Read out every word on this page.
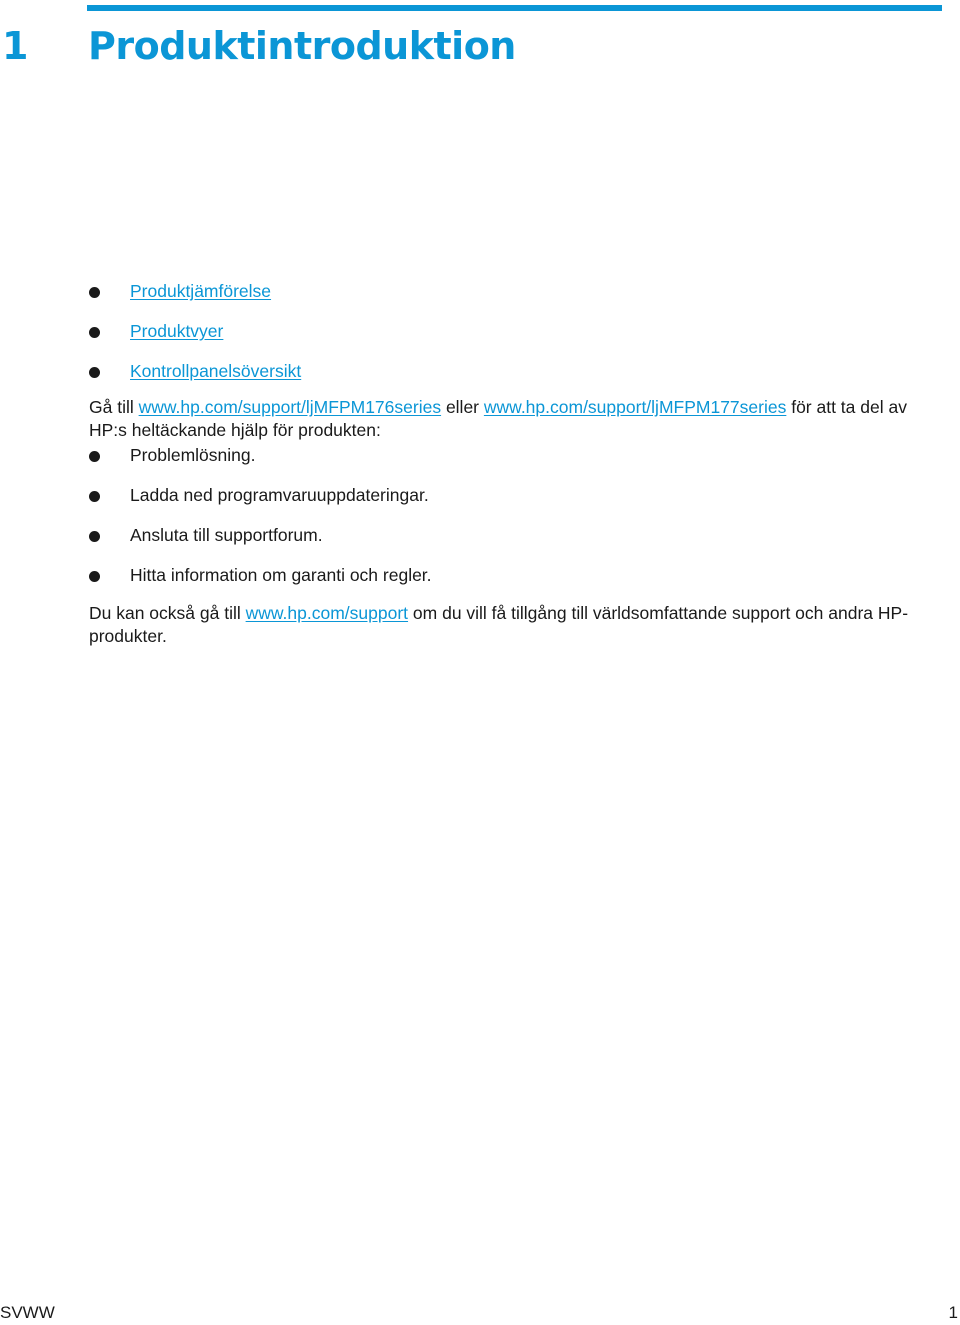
1 Produktintroduktion
Produktjämförelse
Produktvyer
Kontrollpanelsöversikt

Gå till www.hp.com/support/ljMFPM176series eller www.hp.com/support/ljMFPM177series för att ta del av HP:s heltäckande hjälp för produkten:

Problemlösning.
Ladda ned programvaruuppdateringar.
Ansluta till supportforum.
Hitta information om garanti och regler.

Du kan också gå till www.hp.com/support om du vill få tillgång till världsomfattande support och andra HP-produkter.

SVWW	1
